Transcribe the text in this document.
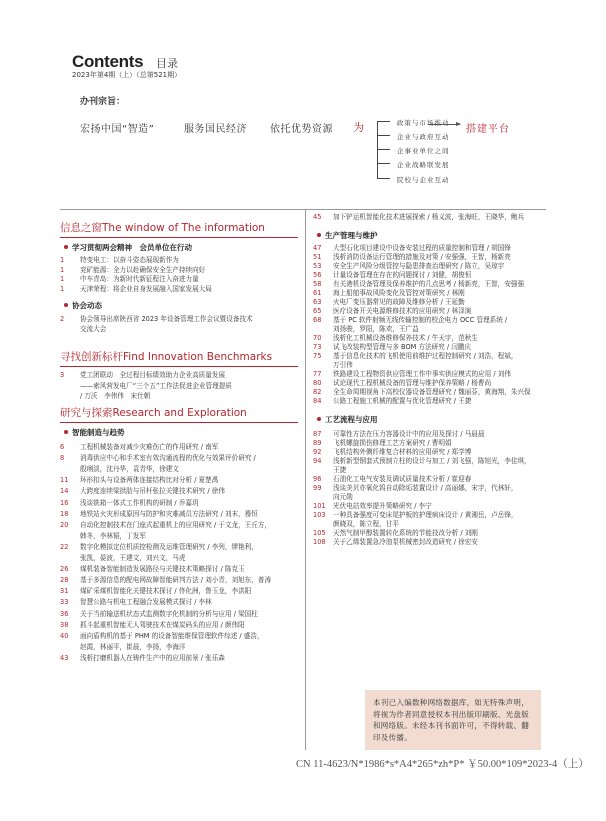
Contents 目录
2023年第4期（上）（总第521期）
办刊宗旨：
宏扬中国“智造”	服务国民经济 依托优势资源 为	政策与市场推动
企业与政府互动
企事业单位之间
企业战略联发展
院校与企业互动
搭建平台
信息之窗The window of The information
学习贯彻两会精神　会员单位在行动
1 特变电工：以奋斗姿态展现新作为
1 兖矿能源：全力以赴确保安全生产持续向好
1 中车青岛：为新时代新征程注入奋进力量
1 天津荣程：将企业自身发展融入国家发展大局
协会动态
2 协会领导出席陕西省 2023 年设备管理工作会议暨设备技术
交流大会
寻找创新标杆Find Innovation Benchmarks
3 党工团联动　全过程目标绩效助力企业高质量发展
——索风营发电厂“三个五”工作法促进企业管理提质
/ 万沃　李伟伟　宋仕朝
研究与探索Research and Exploration
智能制造与趋势
6 工程机械装备对减少灾难伤亡的作用研究 / 南军
8 消毒供应中心和手术室有效沟通流程的优化与效果评价研究 /
殷琍淡，沈丹华，袁青华，徐建文
11 环形扣头与设备两体连接结构比对分析 / 夏楚禹
14 大跨度连续梁拱肋与吊杆张拉关键技术研究 / 徐伟
16 浅谈铣箱一体式工作机构的研制 / 乔嘉玥
18 地铁站火灾形成原因与防护和灾难减员方法研究 / 刘末，蓦恒
20 自动化控制技术在门座式起重机上的应用研究 / 于文龙，王丘方，
韩冬，李林韬，丁发军
22 数字化模拟定位机质控检测及运维管理研究 / 李列，缪艳利，
张凯，晏波，王建文，刘兴文，马虎
26 煤机装备智能制造发展路径与关键技术策略探讨 / 陈克玉
28 基于多源信息的配电网故障智能研判方法 / 刘小青，刘旭东，普涛
31 煤矿采煤机智能化关键技术探讨 / 佟化洲，鲁玉龙，李洪阳
33 智慧公路与机电工程融合发展模式探讨 / 李林
36 关于当前输送机状态式监测数字化机制的分析与应用 / 梁国柱
38 抓斗起重机智能无人驾驶技术在煤炭码头的应用 / 颜伟阳
40 面向盾构机的基于 PHM 的设备智能维保管理软件综述 / 盛浩，
赵霞，林丽平，崔晨，李扬，李海洋
43 浅析打磨机器人在铸件生产中的应用前景 / 张乐森
45 加下铲运机智能化技术进展探索 / 杨义波，张海旺，王晓华，鲍兵
生产管理与维护
47 大型石化项目建设中设备安装过程的质量控制和管理 / 胡国锋
51 浅析消防设备运行管理的措施及对策 / 安强强，王智，杨新亮
53 安全生产风险分级管控与隐患排查治理研究 / 陈立，吴琼宇
56 计量设备管理在存在的问题探讨 / 刘健，胡俊恒
58 有关港机设备管理及保养维护的几点思考 / 杨新亮，王智，安强强
61 海上船舶事故风险变化及管控对策研究 / 林刚
63 火电厂变压器常见的故障及维修分析 / 王延勤
65 医疗设备开关电源维修技术的应用研究 / 林泽演
68 基于 PC 软件射频无线传输控制的校企电力 OCC 管理系统 /
刘扬骏，罗阳，陈欢，王广益
70 浅析化工机械设备维修保养技术 / 牛天宇，范秋生
73 试飞改装构型管理与多 BOM 方法研究 / 闫鹏庆
75 基于信息化技术的飞机使用前维护过程控制研究 / 刘浩，程斌，
万引伟
77 铁路建设工程物资供应管理工作中事实供应模式的应用 / 刘伟
80 试论现代工程机械设备的管理与维护保养策略 / 杨曹尚
82 全生命周期视角下高校仪器设备管理研究 / 魏丽芬，黄海翔，朱兴保
84 公路工程施工机械的配置与优化管理研究 / 王捷
工艺流程与应用
87 可靠性方法在压力容器设计中的应用及探讨 / 马晨晨
89 飞机螺旋损伤修理工艺方案研究 / 曹明娟
92 飞机结构外侧纤维复合材料的应用研究 / 郑学博
94 浅析新型钢套式预制立柱的设计与加工 / 刘飞强，陈旭光，李佳琪，
王捷
96 石油化工电气安装及调试质量技术分析 / 崔迎春
99 浅谈美贝亦氧化钨自动除垢装置设计 / 高丽娜，宋宇，代林轩，
向元勋
101 光伏电站效率提升策略研究 / 李宁
103 一种具备强度可变床尾护板的护理病床设计 / 黄湘岳，卢岳锋，
颜晓双，陈立程，甘平
105 天然气制甲醇装置转化系统的节能技改分析 / 刘刚
108 关于乙烯装置急冷油泵机械密封改造研究 / 徐宏安
本刊已入编数种网络数据库，如无特殊声明，将视为作者同意授权本刊出版印刷版、光盘版和网络版。未经本刊书面许可，不得转载、翻印及传播。
CN 11-4623/N*1986*s*A4*265*zh*P* ￥50.00*109*2023-4（上）
